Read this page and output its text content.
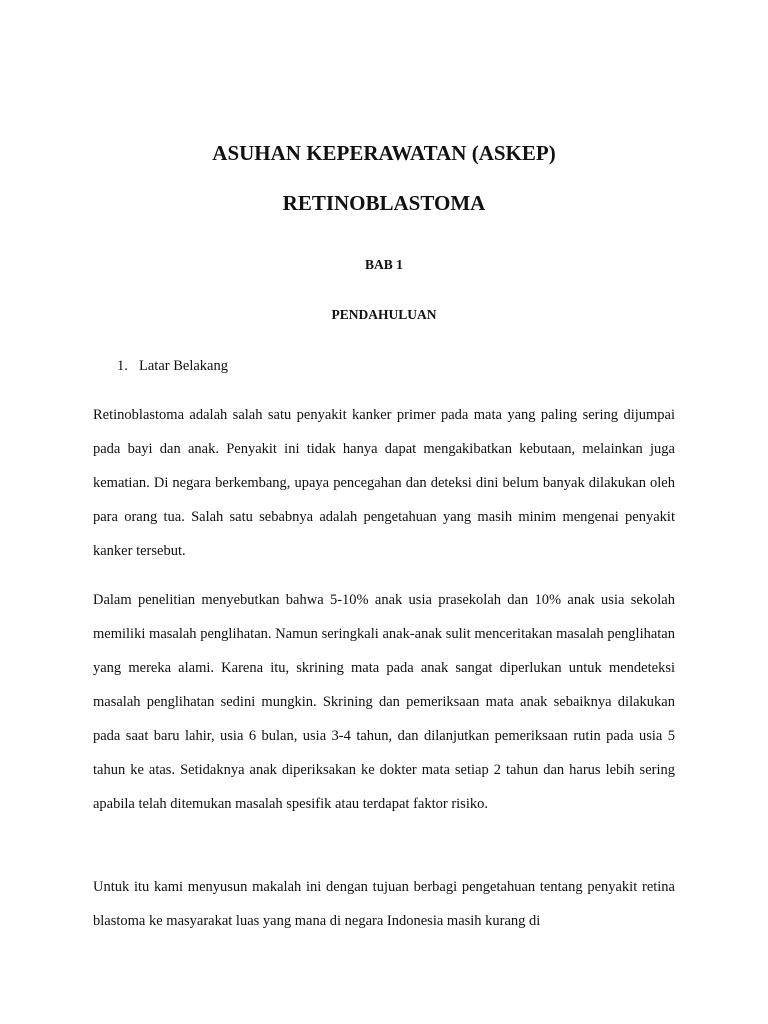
ASUHAN KEPERAWATAN (ASKEP)
RETINOBLASTOMA
BAB 1
PENDAHULUAN
1. Latar Belakang

Retinoblastoma adalah salah satu penyakit kanker primer pada mata yang paling sering dijumpai pada bayi dan anak. Penyakit ini tidak hanya dapat mengakibatkan kebutaan, melainkan juga kematian. Di negara berkembang, upaya pencegahan dan deteksi dini belum banyak dilakukan oleh para orang tua. Salah satu sebabnya adalah pengetahuan yang masih minim mengenai penyakit kanker tersebut.

Dalam penelitian menyebutkan bahwa 5-10% anak usia prasekolah dan 10% anak usia sekolah memiliki masalah penglihatan. Namun seringkali anak-anak sulit menceritakan masalah penglihatan yang mereka alami. Karena itu, skrining mata pada anak sangat diperlukan untuk mendeteksi masalah penglihatan sedini mungkin. Skrining dan pemeriksaan mata anak sebaiknya dilakukan pada saat baru lahir, usia 6 bulan, usia 3-4 tahun, dan dilanjutkan pemeriksaan rutin pada usia 5 tahun ke atas. Setidaknya anak diperiksakan ke dokter mata setiap 2 tahun dan harus lebih sering apabila telah ditemukan masalah spesifik atau terdapat faktor risiko.

Untuk itu kami menyusun makalah ini dengan tujuan berbagi pengetahuan tentang penyakit retina blastoma ke masyarakat luas yang mana di negara Indonesia masih kurang di
